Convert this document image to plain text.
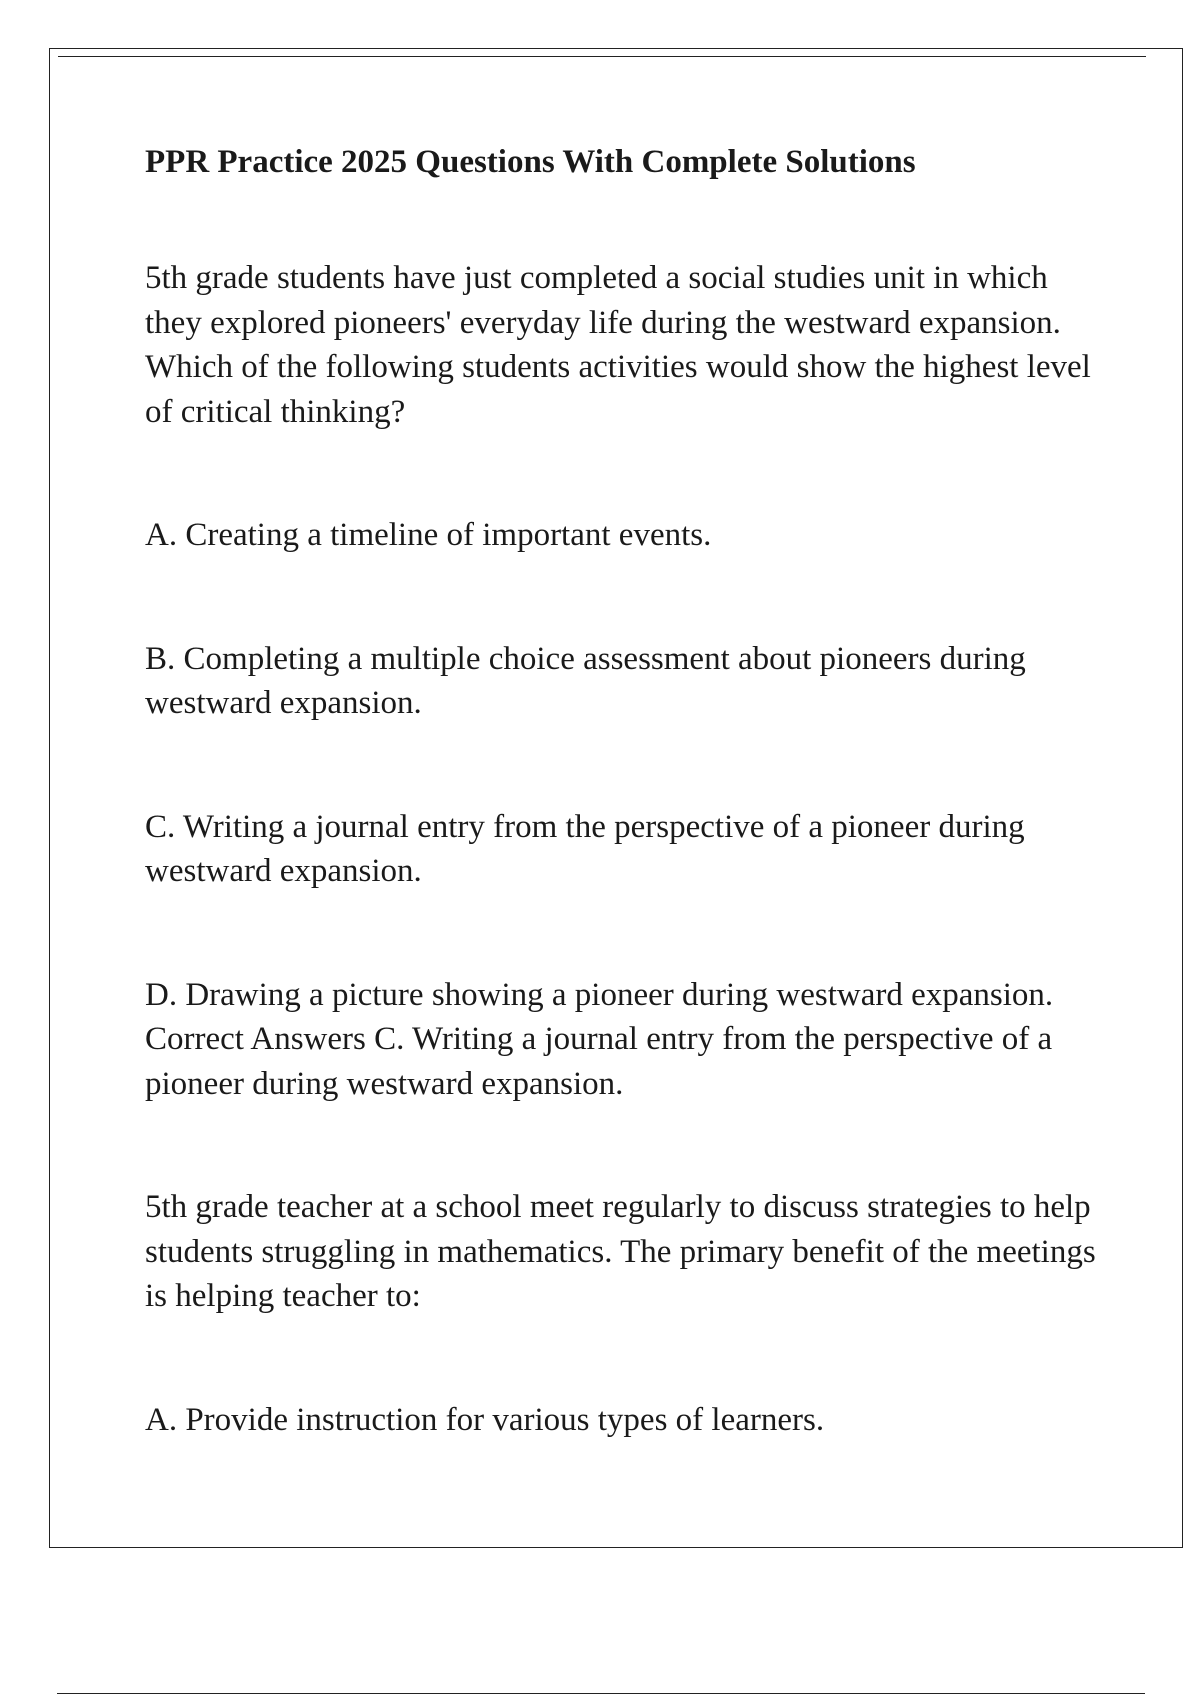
PPR Practice 2025 Questions With Complete Solutions
5th grade students have just completed a social studies unit in which they explored pioneers' everyday life during the westward expansion. Which of the following students activities would show the highest level of critical thinking?
A. Creating a timeline of important events.
B. Completing a multiple choice assessment about pioneers during westward expansion.
C. Writing a journal entry from the perspective of a pioneer during westward expansion.
D. Drawing a picture showing a pioneer during westward expansion. Correct Answers C. Writing a journal entry from the perspective of a pioneer during westward expansion.
5th grade teacher at a school meet regularly to discuss strategies to help students struggling in mathematics. The primary benefit of the meetings is helping teacher to:
A. Provide instruction for various types of learners.
